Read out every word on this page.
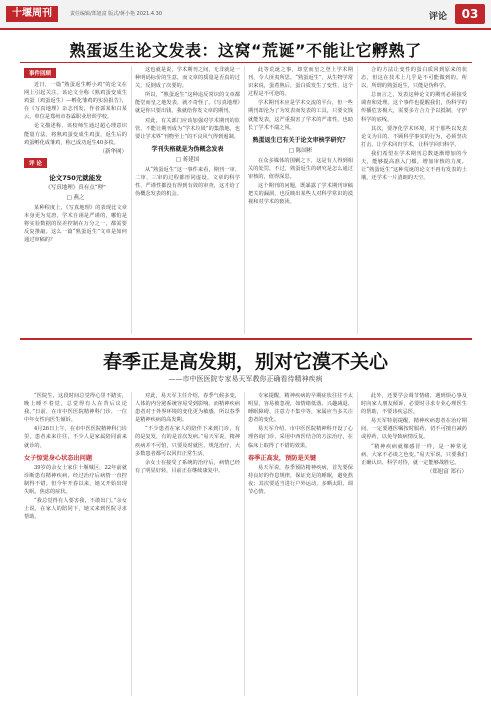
十堰周刊	责任编辑/郑旭富 版式/蒋小艳 2021.4.30	评论	03
熟蛋返生论文发表：这窝“荒诞”不能让它孵熟了
事件回顾

近日，一篇“熟蛋返生孵小鸡”的论文在网上引起关注。该论文全称《熟鸡蛋变成生鸡蛋（鸡蛋返生）—孵化雏鸡的实验报告》，在《写真地理》杂志刊发，作者郭某和白某云，单位是郑州市春霖职业培训学校。

论文描述称，该校师生通过超心理意识能量方法，将熟鸡蛋变成生鸡蛋，返生后的鸡蛋孵化成雏鸡，称已成功返生40多枚。

（新华网）
评 论
论文750元就能发
《写真地理》真有点“理”
□ 燕之

某种程度上，《写真地理》的表现比文章本身更为荒唐。学术自诩是严谨的，哪怕是将实验数据的误差控制在万分之一，都需要反复推敲。这么一篇“熟蛋返生”文章是如何通过审稿的？

这也就是说，学术期刊之间，无非就是一种明码标价的生意，而文章的质量是否真的过关，反倒成了次要的。

所以，“熟蛋返生”这种违反常识的文章都能堂而皇之地发表，就不奇怪了。《写真地理》就是你只要出钱，我就给你发文章的期刊。

对此，有关部门应该加强对学术期刊的监管，不能让期刊成为“学术垃圾”的集散地，也要让学术界“刊物至上”的不良风气得到遏制。

学刊失格就是为伪概念发表
□ 蒋建国

从“熟蛋返生”这一事件来看，期刊一审、二审、三审的过程都形同虚设，文章的科学性、严谨性都没有得到有效的审查，这才给了伪概念发表的机会。

此等荒诞之事，却堂而皇之登上学术期刊，令人匪夷所思。“熟蛋返生”，从生物学常识来说，蛋煮熟后，蛋白质发生了变性，这个过程是不可逆的。

学术期刊本应是学术交流的平台，但一些期刊却沦为了为发表而发表的工具，只要交钱就能发表，这严重损害了学术的严肃性，也助长了学术不端之风。

熟蛋返生已有关于论文审核学研究？
□ 陈国彬

在众多媒体的围剿之下，这是有人得到相关的处罚。不过，熟蛋返生的研究是怎么通过审核的，值得深思。

这个期刊的问题，既暴露了学术期刊审稿把关的漏洞，也反映出某些人对科学常识的漠视和对学术的亵渎。

合的方法让变性的蛋白质回到原来的状态，但这在技术上几乎是不可能做到的。所以，所谓的熟蛋返生，只能是伪科学。

总而言之，发表这种论文的期刊必须接受调查和处理。这个事件也提醒我们，伪科学的传播危害极大，需要多方合力予以抵制，守护科学的底线。

其次，要净化学术环境，对于那些以发表论文为目的、不顾科学事实的行为，必须坚决打击。让学术回归学术，让科学回归科学。

我们希望在学术期刊总数逐渐增加的今天，能够提高准入门槛，增加审核的力度。让“熟蛋返生”这种荒诞的论文不再有发表的土壤，还学术一片清朗的天空。

春季正是高发期，别对它漠不关心
——市中医医院专家易天军教你正确看待精神疾病

“医院生，这段时间总觉得心里不踏实，晚上睡不着觉，总觉得有人在背后议论我。”日前，在市中医医院精神科门诊，一位中年女性向医生倾诉。

4月26日上午，在市中医医院精神科门诊里，患者来来往往，不少人是家属陪同前来就诊的。

女子惊觉身心状态出问题

39岁的余女士家住十堰城区，22年前就诊断患有精神疾病，经过治疗后病情一直控制得不错。但今年开春以来，她又开始出现失眠、焦虑的症状。

“我总觉得有人要害我，不敢出门。”余女士说，在家人的陪同下，她又来到医院寻求帮助。

对此，易天军主任介绍，春季气候多变，人体的内分泌系统容易受到影响，而精神疾病患者对于外界环境的变化更为敏感，所以春季是精神疾病的高发期。

“不少患者在家人的陪伴下来到门诊，有的是复发，有的是首次发病。”易天军说，精神疾病并不可怕，只要及时就医、规范治疗，大多数患者都可以回归正常生活。

余女士在接受了系统的治疗后，病情已经有了明显好转，目前正在继续康复中。

专家提醒，精神疾病的早期症状往往不太明显，容易被忽视，如情绪低落、兴趣减退、睡眠障碍、注意力不集中等，家属应当多关注患者的变化。

易天军介绍，市中医医院精神科开设了心理咨询门诊，采用中西医结合的方法治疗，在临床上取得了不错的效果。

春季正高发，预防是关键

易天军说，春季预防精神疾病，首先要保持良好的作息规律，保证充足的睡眠，避免熬夜；其次要适当进行户外运动，多晒太阳，调节心情。

此外，还要学会调节情绪，遇到烦心事及时向家人朋友倾诉，必要时寻求专业心理医生的帮助，不要讳疾忌医。

易天军特别提醒，精神疾病患者在治疗期间，一定要遵医嘱按时服药，切不可擅自减药或停药，以免导致病情反复。

“精神疾病就像感冒一样，是一种常见病，大家不必谈之色变。”易天军说，只要我们正确认识、科学对待，就一定能够战胜它。

（郑旭富 郑石）
